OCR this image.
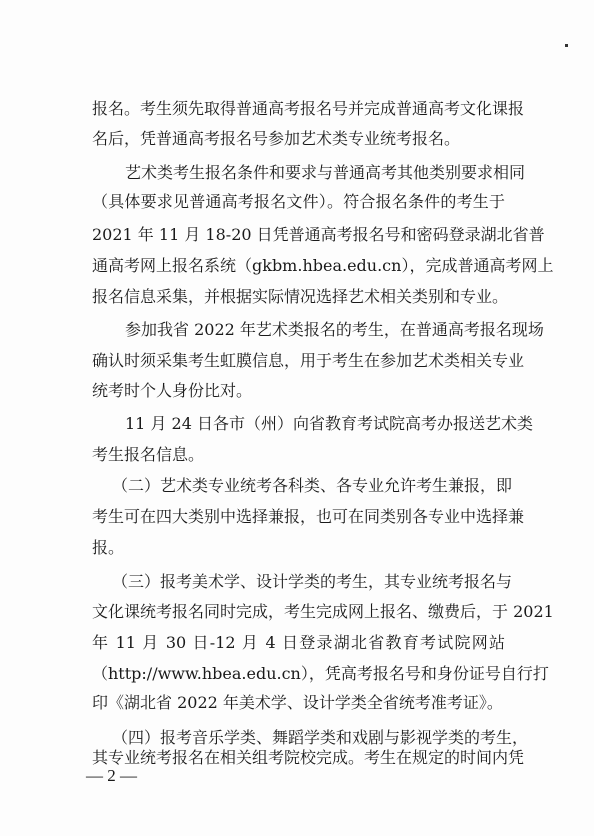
报名。考生须先取得普通高考报名号并完成普通高考文化课报
名后，凭普通高考报名号参加艺术类专业统考报名。
艺术类考生报名条件和要求与普通高考其他类别要求相同
（具体要求见普通高考报名文件）。符合报名条件的考生于
2021 年 11 月 18-20 日凭普通高考报名号和密码登录湖北省普
通高考网上报名系统（gkbm.hbea.edu.cn），完成普通高考网上
报名信息采集，并根据实际情况选择艺术相关类别和专业。
参加我省 2022 年艺术类报名的考生，在普通高考报名现场
确认时须采集考生虹膜信息，用于考生在参加艺术类相关专业
统考时个人身份比对。
11 月 24 日各市（州）向省教育考试院高考办报送艺术类
考生报名信息。
（二）艺术类专业统考各科类、各专业允许考生兼报，即
考生可在四大类别中选择兼报，也可在同类别各专业中选择兼
报。
（三）报考美术学、设计学类的考生，其专业统考报名与
文化课统考报名同时完成，考生完成网上报名、缴费后，于 2021
年 11 月 30 日-12 月 4 日登录湖北省教育考试院网站
（http://www.hbea.edu.cn），凭高考报名号和身份证号自行打
印《湖北省 2022 年美术学、设计学类全省统考准考证》。
（四）报考音乐学类、舞蹈学类和戏剧与影视学类的考生，
其专业统考报名在相关组考院校完成。考生在规定的时间内凭
— 2 —
